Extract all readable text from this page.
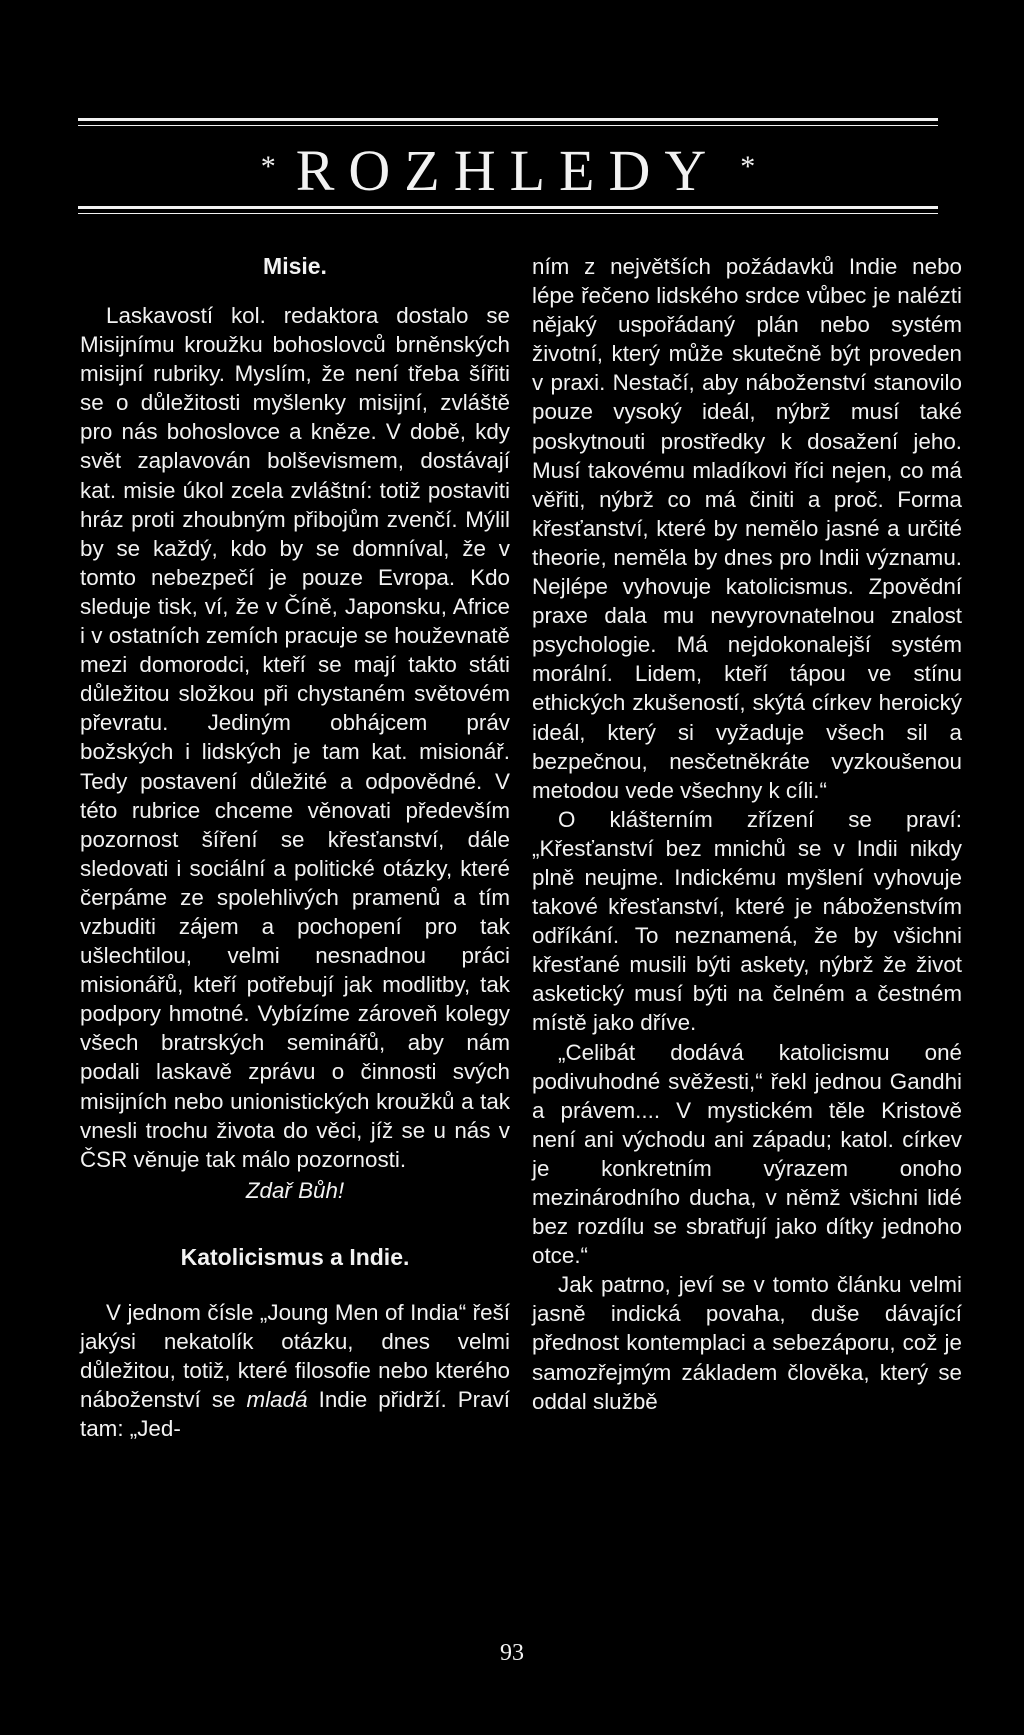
* ROZHLEDY *
Misie.

Laskavostí kol. redaktora dostalo se Misijnímu kroužku bohoslovců brněnských misijní rubriky. Myslím, že není třeba šířiti se o důležitosti myšlenky misijní, zvláště pro nás bohoslovce a kněze. V době, kdy svět zaplavován bolševismem, dostávají kat. misie úkol zcela zvláštní: totiž postaviti hráz proti zhoubným přibojům zvenčí. Mýlil by se každý, kdo by se domníval, že v tomto nebezpečí je pouze Evropa. Kdo sleduje tisk, ví, že v Číně, Japonsku, Africe i v ostatních zemích pracuje se houževnatě mezi domorodci, kteří se mají takto státi důležitou složkou při chystaném světovém převratu. Jediným obhájcem práv božských i lidských je tam kat. misionář. Tedy postavení důležité a odpovědné. V této rubrice chceme věnovati především pozornost šíření se křesťanství, dále sledovati i sociální a politické otázky, které čerpáme ze spolehlivých pramenů a tím vzbuditi zájem a pochopení pro tak ušlechtilou, velmi nesnadnou práci misionářů, kteří potřebují jak modlitby, tak podpory hmotné. Vybízíme zároveň kolegy všech bratrských seminářů, aby nám podali laskavě zprávu o činnosti svých misijních nebo unionistických kroužků a tak vnesli trochu života do věci, jíž se u nás v ČSR věnuje tak málo pozornosti.

Zdař Bůh!

Katolicismus a Indie.

V jednom čísle „Joung Men of India“ řeší jakýsi nekatolík otázku, dnes velmi důležitou, totiž, které filosofie nebo kterého náboženství se mladá Indie přidrží. Praví tam: „Jed-

ním z největších požádavků Indie nebo lépe řečeno lidského srdce vůbec je nalézti nějaký uspořádaný plán nebo systém životní, který může skutečně být proveden v praxi. Nestačí, aby náboženství stanovilo pouze vysoký ideál, nýbrž musí také poskytnouti prostředky k dosažení jeho. Musí takovému mladíkovi říci nejen, co má věřiti, nýbrž co má činiti a proč. Forma křesťanství, které by nemělo jasné a určité theorie, neměla by dnes pro Indii významu. Nejlépe vyhovuje katolicismus. Zpovědní praxe dala mu nevyrovnatelnou znalost psychologie. Má nejdokonalejší systém morální. Lidem, kteří tápou ve stínu ethických zkušeností, skýtá církev heroický ideál, který si vyžaduje všech sil a bezpečnou, nesčetněkráte vyzkoušenou metodou vede všechny k cíli.“

O klášterním zřízení se praví: „Křesťanství bez mnichů se v Indii nikdy plně neujme. Indickému myšlení vyhovuje takové křesťanství, které je náboženstvím odříkání. To neznamená, že by všichni křesťané musili býti askety, nýbrž že život asketický musí býti na čelném a čestném místě jako dříve.

„Celibát dodává katolicismu oné podivuhodné svěžesti,“ řekl jednou Gandhi a právem.... V mystickém těle Kristově není ani východu ani západu; katol. církev je konkretním výrazem onoho mezinárodního ducha, v němž všichni lidé bez rozdílu se sbratřují jako dítky jednoho otce.“

Jak patrno, jeví se v tomto článku velmi jasně indická povaha, duše dávající přednost kontemplaci a sebezáporu, což je samozřejmým základem člověka, který se oddal službě

93
